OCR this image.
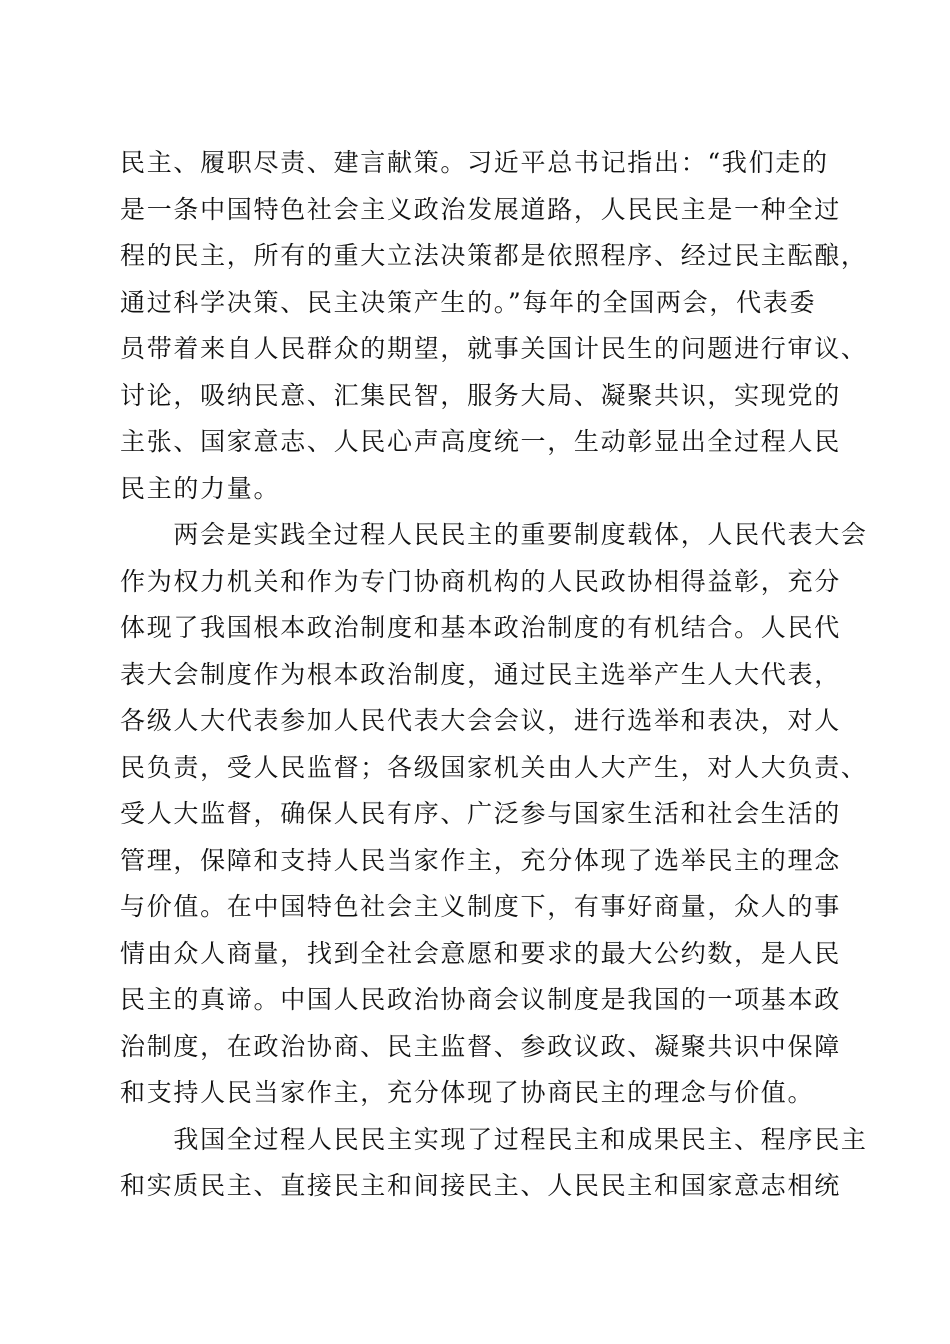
民主、履职尽责、建言献策。习近平总书记指出：“我们走的
是一条中国特色社会主义政治发展道路，人民民主是一种全过
程的民主，所有的重大立法决策都是依照程序、经过民主酝酿，
通过科学决策、民主决策产生的。”每年的全国两会，代表委
员带着来自人民群众的期望，就事关国计民生的问题进行审议、
讨论，吸纳民意、汇集民智，服务大局、凝聚共识，实现党的
主张、国家意志、人民心声高度统一，生动彰显出全过程人民
民主的力量。
　　两会是实践全过程人民民主的重要制度载体，人民代表大会
作为权力机关和作为专门协商机构的人民政协相得益彰，充分
体现了我国根本政治制度和基本政治制度的有机结合。人民代
表大会制度作为根本政治制度，通过民主选举产生人大代表，
各级人大代表参加人民代表大会会议，进行选举和表决，对人
民负责，受人民监督；各级国家机关由人大产生，对人大负责、
受人大监督，确保人民有序、广泛参与国家生活和社会生活的
管理，保障和支持人民当家作主，充分体现了选举民主的理念
与价值。在中国特色社会主义制度下，有事好商量，众人的事
情由众人商量，找到全社会意愿和要求的最大公约数，是人民
民主的真谛。中国人民政治协商会议制度是我国的一项基本政
治制度，在政治协商、民主监督、参政议政、凝聚共识中保障
和支持人民当家作主，充分体现了协商民主的理念与价值。
　　我国全过程人民民主实现了过程民主和成果民主、程序民主
和实质民主、直接民主和间接民主、人民民主和国家意志相统
